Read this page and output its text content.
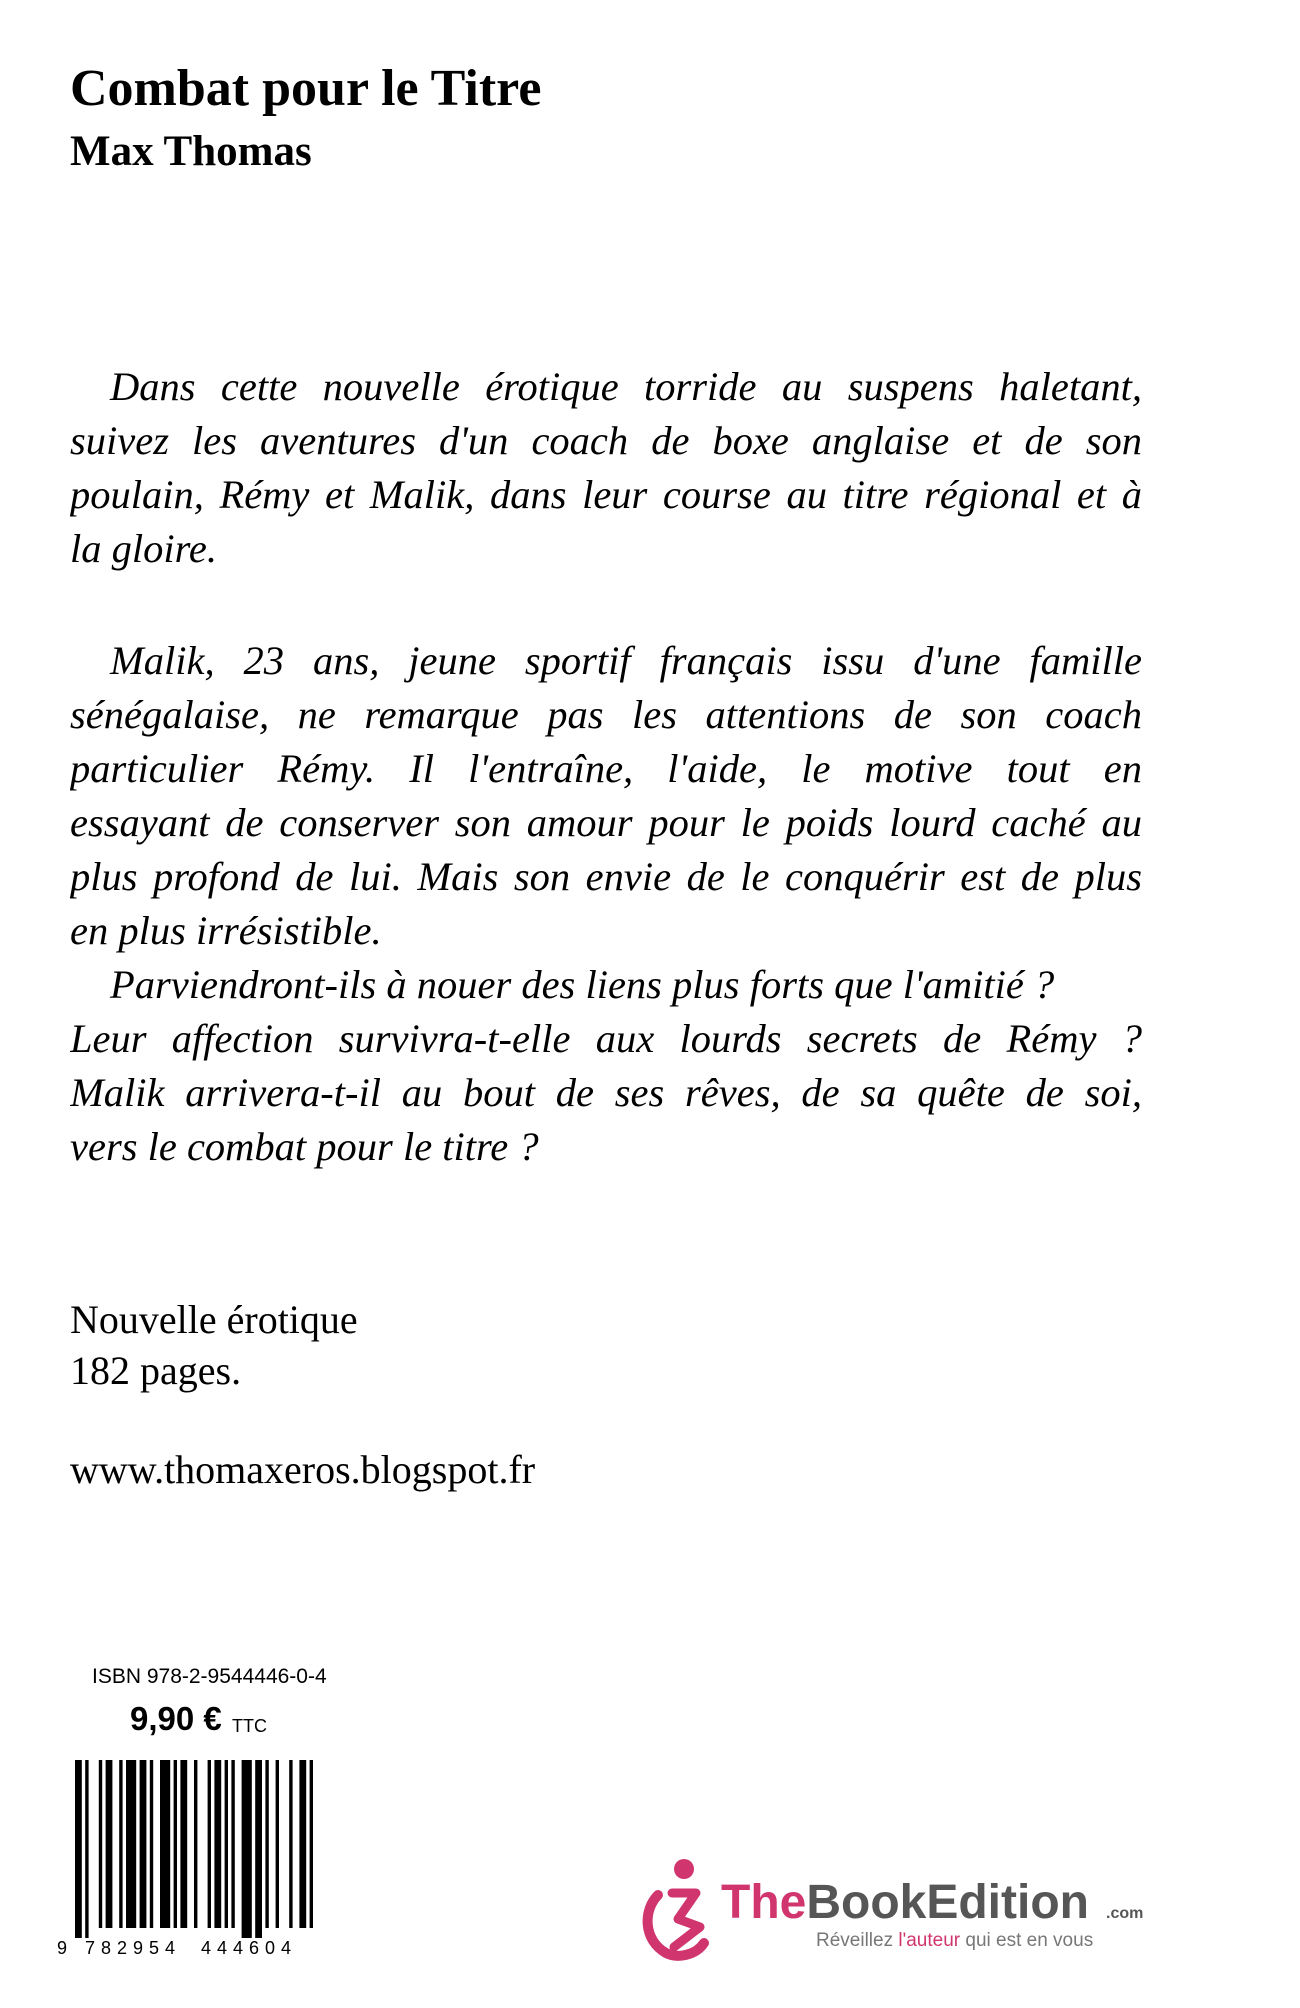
Combat pour le Titre
Max Thomas
Dans cette nouvelle érotique torride au suspens haletant,
suivez les aventures d'un coach de boxe anglaise et de son
poulain, Rémy et Malik, dans leur course au titre régional et à
la gloire.
Malik, 23 ans, jeune sportif français issu d'une famille
sénégalaise, ne remarque pas les attentions de son coach
particulier Rémy. Il l'entraîne, l'aide, le motive tout en
essayant de conserver son amour pour le poids lourd caché au
plus profond de lui. Mais son envie de le conquérir est de plus
en plus irrésistible.
Parviendront-ils à nouer des liens plus forts que l'amitié ?
Leur affection survivra-t-elle aux lourds secrets de Rémy ?
Malik arrivera-t-il au bout de ses rêves, de sa quête de soi,
vers le combat pour le titre ?

Nouvelle érotique

182 pages.

www.thomaxeros.blogspot.fr

ISBN 978-2-9544446-0-4
9,90 € TTC
9 782954 444604
TheBookEdition .com
Réveillez l'auteur qui est en vous
